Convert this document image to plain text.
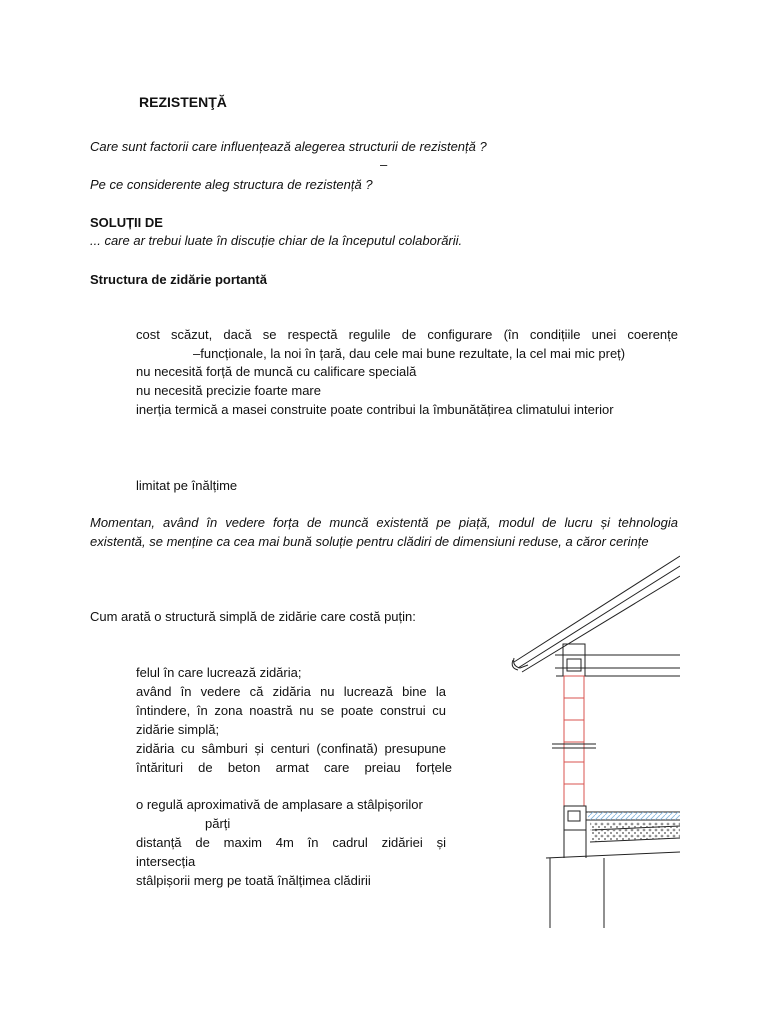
REZISTENŢĂ
Care sunt factorii care influențează alegerea structurii de rezistență ?
–
Pe ce considerente aleg structura de rezistență ?
SOLUȚII DE
... care ar trebui luate în discuție chiar de la începutul colaborării.
Structura de zidărie portantă
cost scăzut, dacă se respectă regulile de configurare (în condițiile unei coerențe
–funcționale, la noi în țară, dau cele mai bune rezultate, la cel mai mic preț)
nu necesită forță de muncă cu calificare specială
nu necesită precizie foarte mare
inerția termică a masei construite poate contribui la îmbunătățirea climatului interior
limitat pe înălțime
Momentan, având în vedere forța de muncă existentă pe piață, modul de lucru și tehnologia
existentă, se menține ca cea mai bună soluție pentru clădiri de dimensiuni reduse, a căror cerințe
Cum arată o structură simplă de zidărie care costă puțin:
felul în care lucrează zidăria;
având în vedere că zidăria nu lucrează bine la
întindere, în zona noastră nu se poate construi cu
zidărie simplă;
zidăria cu sâmburi și centuri (confinată) presupune
întărituri de beton armat care preiau forțele
o regulă aproximativă de amplasare a stâlpișorilor
părți
distanță de maxim 4m în cadrul zidăriei și
intersecția
stâlpișorii merg pe toată înălțimea clădirii
